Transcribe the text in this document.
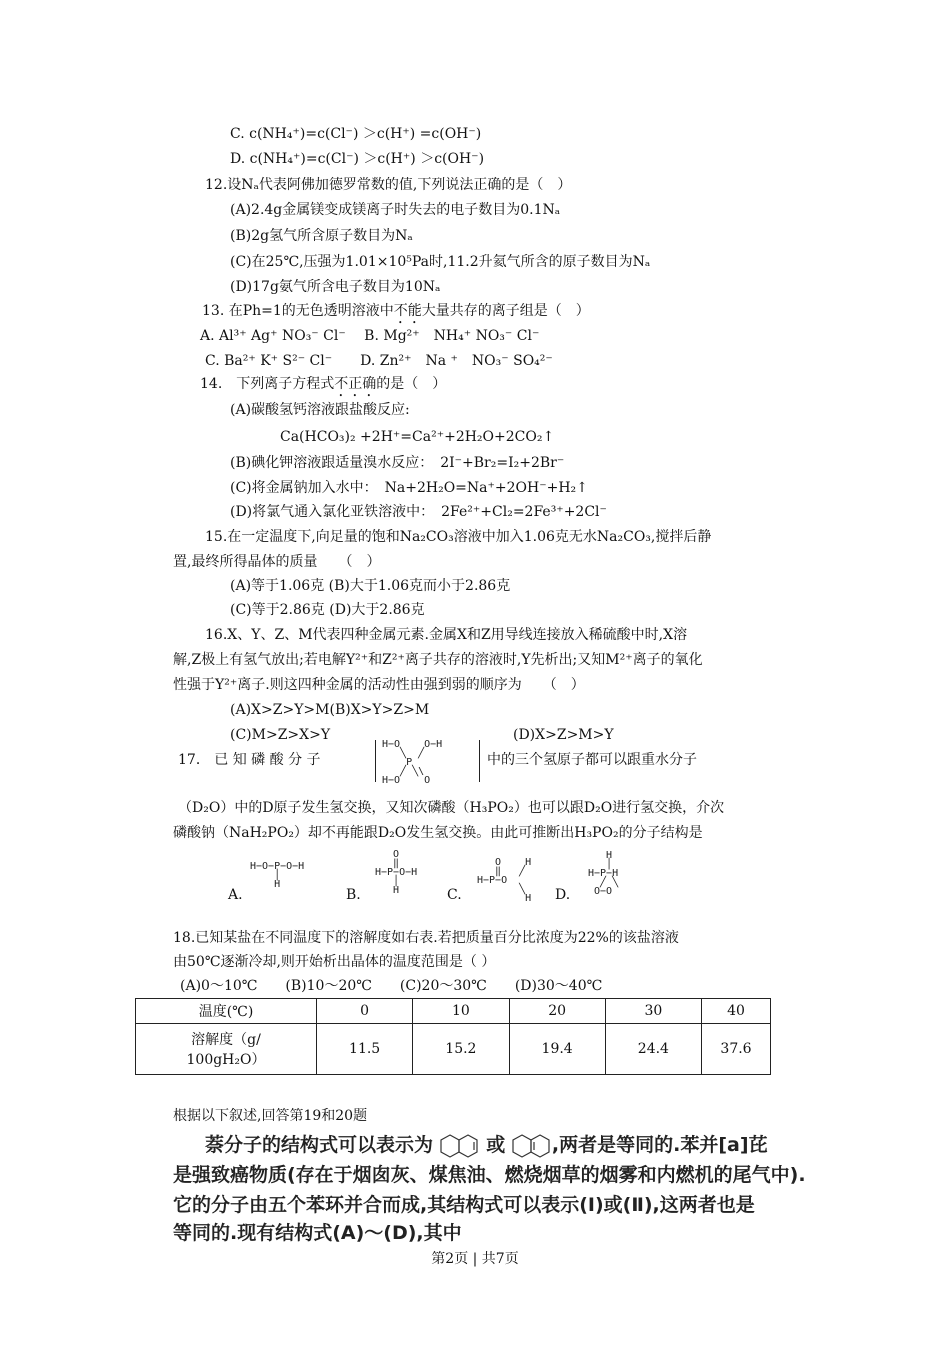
C. c(NH₄⁺)=c(Cl⁻) ＞c(H⁺) =c(OH⁻)
D. c(NH₄⁺)=c(Cl⁻) ＞c(H⁺) ＞c(OH⁻)
12.设Nₐ代表阿佛加德罗常数的值,下列说法正确的是（　）
(A)2.4g金属镁变成镁离子时失去的电子数目为0.1Nₐ
(B)2g氢气所含原子数目为Nₐ
(C)在25℃,压强为1.01×10⁵Pa时,11.2升氦气所含的原子数目为Nₐ
(D)17g氨气所含电子数目为10Nₐ
13. 在Ph=1的无色透明溶液中不能大量共存的离子组是（　）
A. Al³⁺ Ag⁺ NO₃⁻ Cl⁻　 B. Mg²⁺　NH₄⁺ NO₃⁻ Cl⁻
C. Ba²⁺ K⁺ S²⁻ Cl⁻　　D. Zn²⁺　Na ⁺　NO₃⁻ SO₄²⁻
14.　下列离子方程式不正确的是（　）
(A)碳酸氢钙溶液跟盐酸反应:
Ca(HCO₃)₂ +2H⁺=Ca²⁺+2H₂O+2CO₂↑
(B)碘化钾溶液跟适量溴水反应：　2I⁻+Br₂=I₂+2Br⁻
(C)将金属钠加入水中：　Na+2H₂O=Na⁺+2OH⁻+H₂↑
(D)将氯气通入氯化亚铁溶液中：　2Fe²⁺+Cl₂=2Fe³⁺+2Cl⁻
15.在一定温度下,向足量的饱和Na₂CO₃溶液中加入1.06克无水Na₂CO₃,搅拌后静
置,最终所得晶体的质量　　（　）
(A)等于1.06克 (B)大于1.06克而小于2.86克
(C)等于2.86克 (D)大于2.86克
16.X、Y、Z、M代表四种金属元素.金属X和Z用导线连接放入稀硫酸中时,X溶
解,Z极上有氢气放出;若电解Y²⁺和Z²⁺离子共存的溶液时,Y先析出;又知M²⁺离子的氧化
性强于Y²⁺离子.则这四种金属的活动性由强到弱的顺序为　　（　）
(A)X>Z>Y>M(B)X>Y>Z>M
(C)M>Z>X>Y	(D)X>Z>M>Y
17． 已 知 磷 酸 分 子
H−O    O−H
╲  ╱
P
╱ ╲\
H−O    O
中的三个氢原子都可以跟重水分子
（D₂O）中的D原子发生氢交换，又知次磷酸（H₃PO₂）也可以跟D₂O进行氢交换，介次
磷酸钠（NaH₂PO₂）却不再能跟D₂O发生氢交换。由此可推断出H₃PO₂的分子结构是
A.
H−O−P−O−H
│
H
B.
O
‖
H−P−O−H
│
H	C.
O    H
‖   ╱
H−P−O
╲
H D.
H
│
H−P−H
╱ ╲
O−O
18.已知某盐在不同温度下的溶解度如右表.若把质量百分比浓度为22%的该盐溶液
由50℃逐渐冷却,则开始析出晶体的温度范围是（ ）
(A)0～10℃　　(B)10～20℃　　(C)20～30℃　　(D)30～40℃
温度(℃)	0	10	20	30	40
溶解度（g/
100gH₂O）	11.5	15.2	19.4	24.4	37.6
根据以下叙述,回答第19和20题
萘分子的结构式可以表示为	或 ,两者是等同的.苯并[a]芘
是强致癌物质(存在于烟囱灰、煤焦油、燃烧烟草的烟雾和内燃机的尾气中).
它的分子由五个苯环并合而成,其结构式可以表示(Ⅰ)或(Ⅱ),这两者也是
等同的.现有结构式(A)～(D),其中
第2页 | 共7页
